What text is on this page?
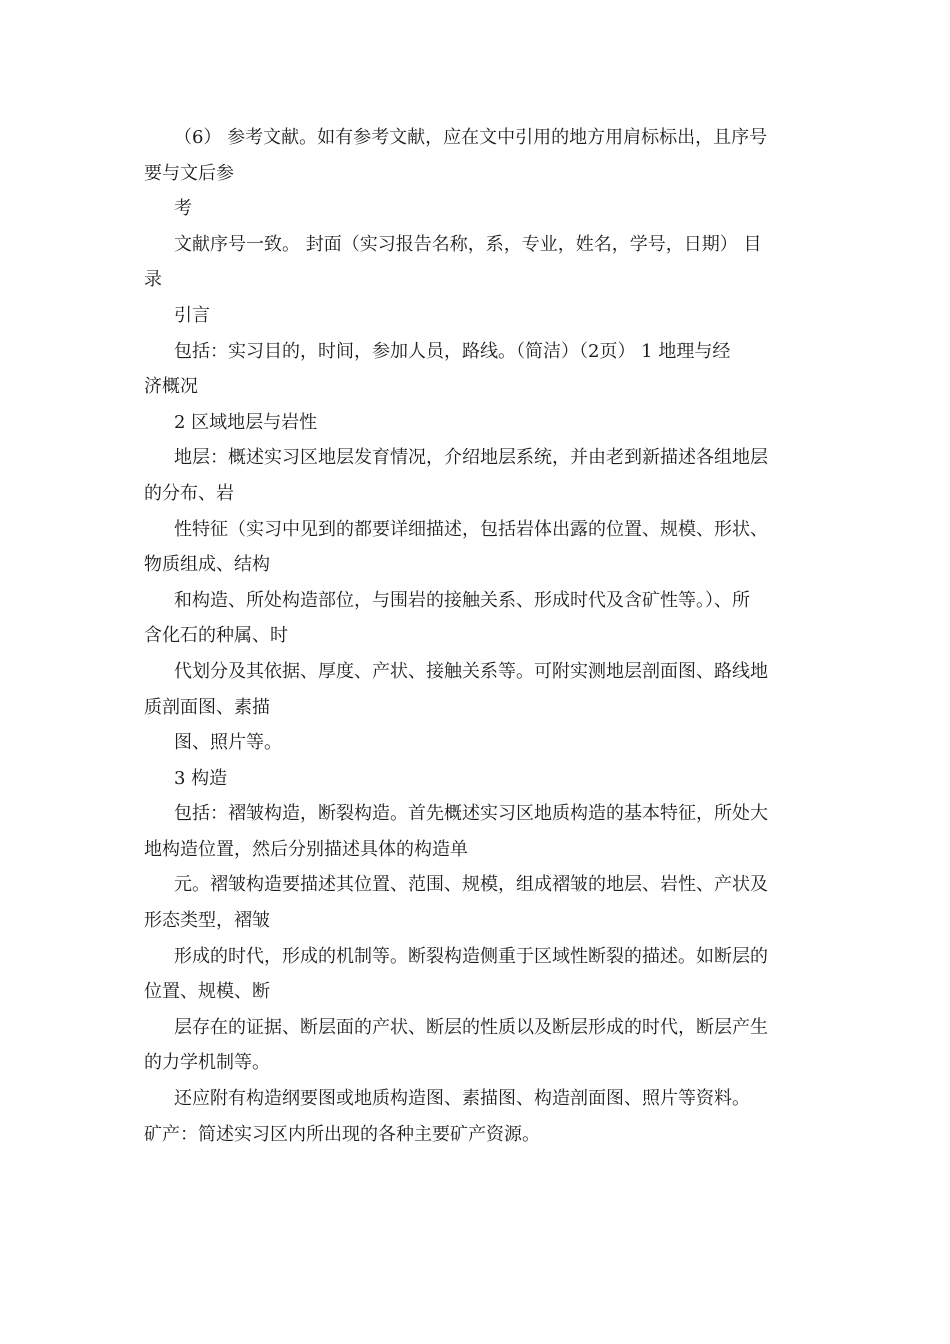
（6） 参考文献。如有参考文献，应在文中引用的地方用肩标标出，且序号
要与文后参
考
文献序号一致。 封面（实习报告名称，系，专业，姓名，学号，日期） 目
录
引言
包括：实习目的，时间，参加人员，路线。（简洁）（2页） 1 地理与经
济概况
2 区域地层与岩性
地层：概述实习区地层发育情况，介绍地层系统，并由老到新描述各组地层
的分布、岩
性特征（实习中见到的都要详细描述，包括岩体出露的位置、规模、形状、
物质组成、结构
和构造、所处构造部位，与围岩的接触关系、形成时代及含矿性等。）、所
含化石的种属、时
代划分及其依据、厚度、产状、接触关系等。可附实测地层剖面图、路线地
质剖面图、素描
图、照片等。
3 构造
包括：褶皱构造，断裂构造。首先概述实习区地质构造的基本特征，所处大
地构造位置，然后分别描述具体的构造单
元。褶皱构造要描述其位置、范围、规模，组成褶皱的地层、岩性、产状及
形态类型，褶皱
形成的时代，形成的机制等。断裂构造侧重于区域性断裂的描述。如断层的
位置、规模、断
层存在的证据、断层面的产状、断层的性质以及断层形成的时代，断层产生
的力学机制等。
还应附有构造纲要图或地质构造图、素描图、构造剖面图、照片等资料。
矿产：简述实习区内所出现的各种主要矿产资源。
